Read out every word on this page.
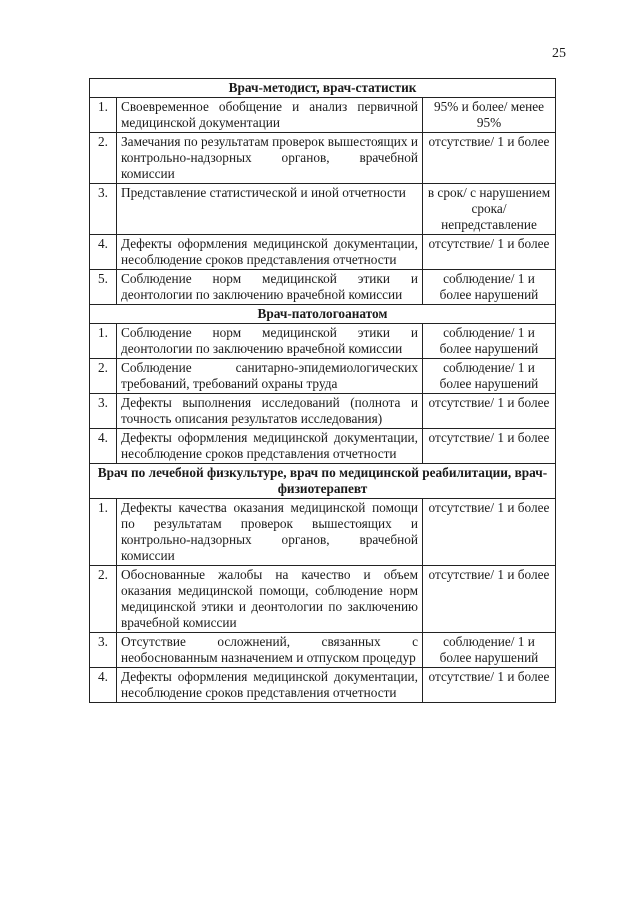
25
Врач-методист, врач-статистик		
1.	Своевременное обобщение и анализ первичной медицинской документации	95% и более/ менее 95%
2.	Замечания по результатам проверок вышестоящих и контрольно-надзорных органов, врачебной комиссии	отсутствие/ 1 и более
3.	Представление статистической и иной отчетности	в срок/ с нарушением срока/ непредставление
4.	Дефекты оформления медицинской документации, несоблюдение сроков представления отчетности	отсутствие/ 1 и более
5.	Соблюдение норм медицинской этики и деонтологии по заключению врачебной комиссии	соблюдение/ 1 и более нарушений
Врач-патологоанатом		
1.	Соблюдение норм медицинской этики и деонтологии по заключению врачебной комиссии	соблюдение/ 1 и более нарушений
2.	Соблюдение санитарно-эпидемиологических требований, требований охраны труда	соблюдение/ 1 и более нарушений
3.	Дефекты выполнения исследований (полнота и точность описания результатов исследования)	отсутствие/ 1 и более
4.	Дефекты оформления медицинской документации, несоблюдение сроков представления отчетности	отсутствие/ 1 и более
Врач по лечебной физкультуре, врач по медицинской реабилитации, врач-физиотерапевт		
1.	Дефекты качества оказания медицинской помощи по результатам проверок вышестоящих и контрольно-надзорных органов, врачебной комиссии	отсутствие/ 1 и более
2.	Обоснованные жалобы на качество и объем оказания медицинской помощи, соблюдение норм медицинской этики и деонтологии по заключению врачебной комиссии	отсутствие/ 1 и более
3.	Отсутствие осложнений, связанных с необоснованным назначением и отпуском процедур	соблюдение/ 1 и более нарушений
4.	Дефекты оформления медицинской документации, несоблюдение сроков представления отчетности	отсутствие/ 1 и более
